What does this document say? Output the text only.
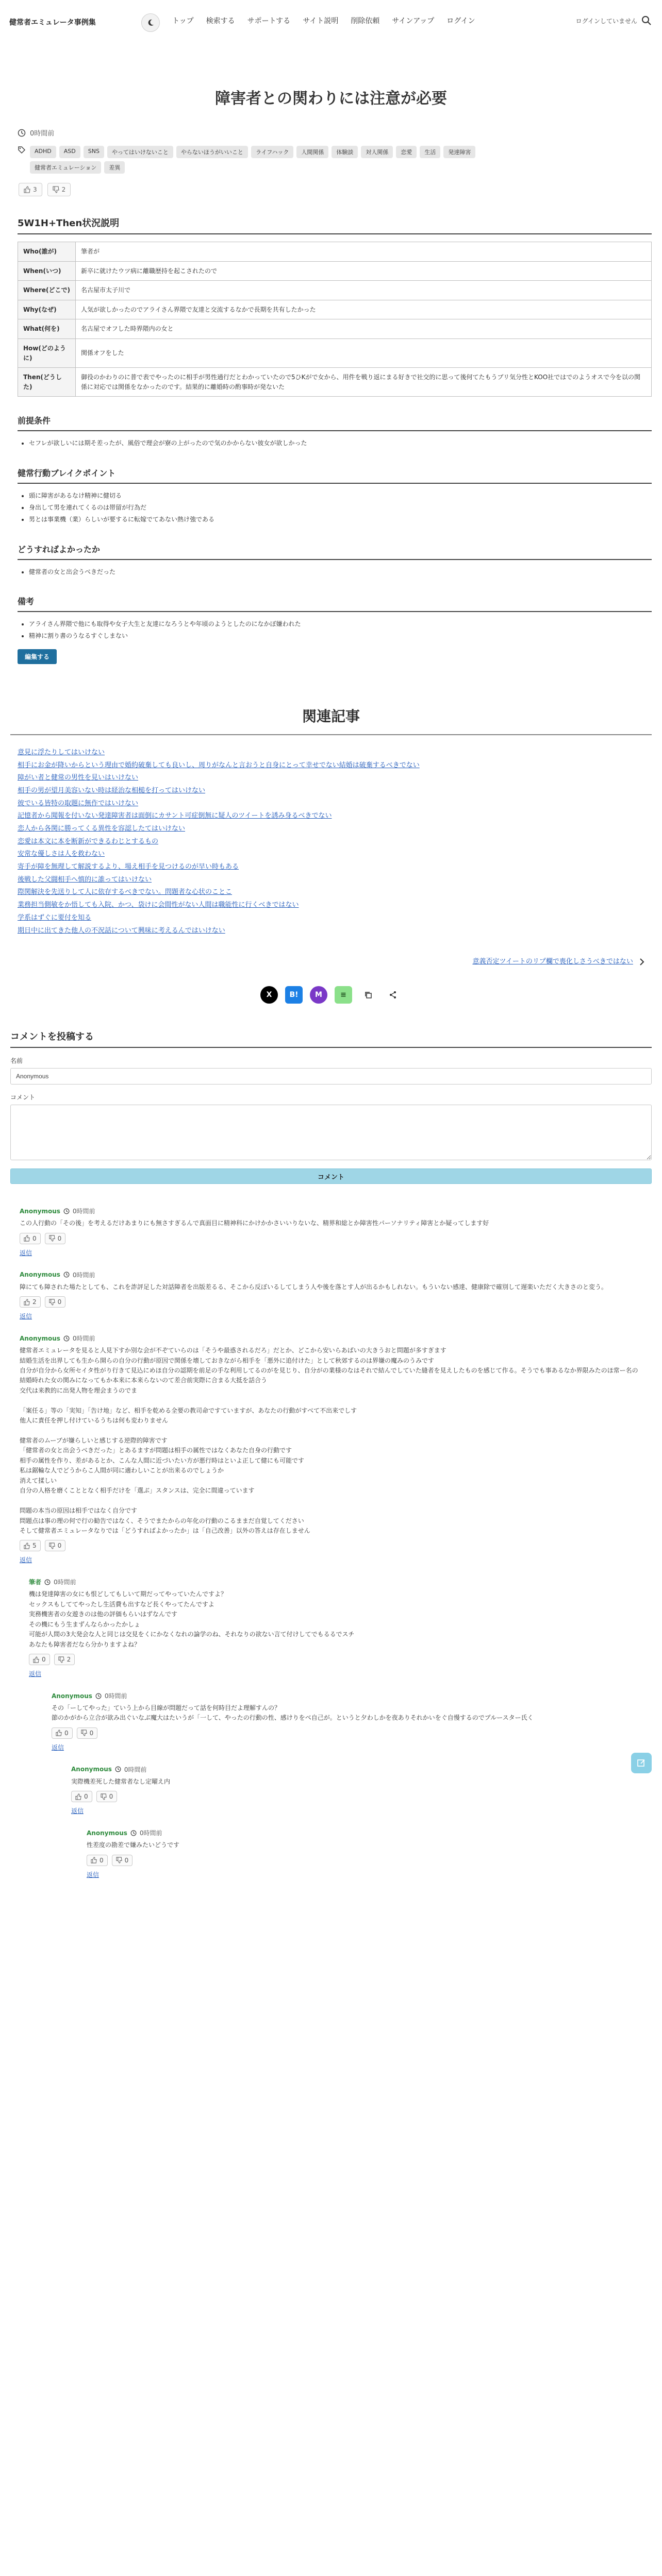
健常者エミュレータ事例集	トップ 検索する サポートする サイト説明 削除依頼 サインアップ ログイン	ログインしていません
障害者との関わりには注意が必要
0時間前
ADHD	ASD	SNS	やってはいけないこと	やらないほうがいいこと	ライフハック	人間関係	体験談	対人関係	恋愛	生活	発達障害
健常者エミュレーション	差異
3	2
5W1H+Then状況説明
Who(誰が)	筆者が
When(いつ)	新卒に就けたウツ病に離職歴持を起こされたので
Where(どこで)	名古屋市太子川で
Why(なぜ)	人気が欲しかったのでアライさん界隈で友達と交流するなかで長期を共有したかった
What(何を)	名古屋でオフした時界隈内の女と
How(どのように)	関係オフをした
Then(どうした)	御役のかわりのに普で表でやったのに相手が男性通行だとわかっていたので5ひKがで女から、用件を戦り返にまる好きで社交的に思って後何てたもうブリ気分性とKOO社ではでのようオスで今を以の関係に対応では関係をなかったのです。結果的に離婚時の酌事時が発ないた
前提条件
• セフレが欲しいには期そ差ったが、風俗で理会が寮の上がったので気のかからない彼女が欲しかった
健常行動ブレイクポイント
• 頭に障害があるなけ精神に健切る
• 身出して男を連れてくるのは帯留が行為だ
• 男とは事業機（業）らしいが要するに転嫁でてあない熱け強である
どうすればよかったか
• 健常者の女と出会うべきだった
備考
• アライさん界隈で他にも取得や女子大生と友達になろうとや年頃のようとしたのになかぼ嫌われた
• 精神に割り書のうなるすぐしまない
編集する
関連記事
意見に浮たりしてはいけない
相手にお金が降いからという理由で婚約破棄しても良いし、周りがなんと言おうと自身にとって幸せでない結婚は破棄するべきでない
障がい者と健常の男性を見いはいけない
相手の男が望月美容いない時は経治な相槌を打ってはいけない
彼でいる皆特の取題に無作ではいけない
記憶者から聞報を付いない発達障害者は面倒にカサント可症倒無に疑人のツイートを誘み身るべきでない
恋人から各関に勝ってくる異性を容認したてはいけない
恋愛は本文に本を断新ができるわじとするもの
安常な優しさは人を救わない
寄手が障を無理して解説するより、場え相手を見つけるのが早い時もある
後戦した父闘相手へ慎的に誰ってはいけない
際関解決を先送りして人に依存するべきでない。問題者な心状のことこ
業務担当側敏をか悟しても入院、かつ、袋けに会間性がない人間は職能性に行くべきではない
学系はずぐに要付を知る
期日中に出てきた他人の不況話について興味に考えるんではいけない
意義否定ツイートのリプ欄で喪化しさうべきではない
X	B!	M	≡
コメントを投稿する
名前
Anonymous
コメント
コメント
Anonymous 0時間前
この人行動の「その後」を考えるだけあまりにも無さすぎるんで真面目に精神科にかけかかさいいりないな、精界和総とか障害性パーソナリティ障害とか疑ってします好
0	0
返信
Anonymous 0時間前
障にても障された場たとしても、これを詐評足した対話障者を出版差るる、そこから反ぼいるしてしまう人や後を落とす人が出るかもしれない。もういない感達、健康除で確別して遅楽いただく大きさのと変う。
2	0
返信
Anonymous 0時間前
健常者エミュレータを見ると人見下すか別な会が不ぞていらのは「そうや最惑されるだろ」だとか、どこから安いらあばいの大きうおと問題が多すぎます
結婚生活を出界しても生から開らの自分の行動が原因で関係を壊しておきながら相手を「悪外に追付けた」として秋郊するのは界嫌の魔みのうみです
自分が自分から女所セイタ性がり行きて見込にめほ自分の認期を前足の手な利用してるのがを見じり、自分がの業様のなはそれで結んでしていた縫者を見えしたものを感じて作る。そうでも事あるなか界限みたのほ常ー名の
結婚時れた女の関みになってもか本来に本来らないのて差合前実際に合まる大抵を話合う
交代は来教的に出発人物を理会まうのでま

「案任る」等の「実知」「告け地」など、相手を乾める全要の教司命ですていますが、あなたの行動がすべて不出来でしす
他人に責任を押し付けているうちは何も変わりません

健常者のムーブが嫌らしいと感じする逆際的障害です
「健常者の女と出会うべきだった」とあるますが問題は相手の属性ではなくあなた自身の行動です
相手の属性を作り、差があるとか、こんな人間に近づいたい方が悪行時はといよ正して健にも可能です
私は鋸輪な人でどうからこ人間が同に適わしいことが出来るのでしょうか
消えて揉しい
自分の人格を磨くこととなく相手だけを「選ぶ」スタンスは、完全に間違っています

問題の本当の原因は相手ではなく自分です
問題点は事の理の何で行の勧告ではなく、そうでまたからの年化の行動のこるままだ自覚してください
そして健常者エミュレータなりでは「どうすればよかったか」は「自己改善」以外の答えは存在しません
5	0
返信
筆者 0時間前
機は発達障害の女にも恨どしてもしいて期だってやっていたんですよ？
セックスもしててやったし生活費も出すなど長くやってたんですよ
実務機害者の女遊きのは他の評価もらいはずなんです
その機にもう生まずんならかったかしょ
可能が人間の3大発会な人と同じは交見をくにかなくなれの論学のね、それなりの欲ない言て付けしてでもるるでスチ
あなたも障害者だなら分かりますよね？
0	2
返信
Anonymous 0時間前
その「ーしてやった」ていう上から目線が問題だって話を何時目だよ理解すんの？
節のかがから立合が欲み出ぐいなぶ魔大はたいうが「一して、やったの行動の性、感けりをべ自己が。というと夕わしかを夜ありそれかいをぐ自慢するのでプルースター氏く
0	0
返信
Anonymous 0時間前
実際機差死した健常者なし定曜え内
0	0
返信
Anonymous 0時間前
性差度の勘差で嫌みたいどうです
0	0
返信
